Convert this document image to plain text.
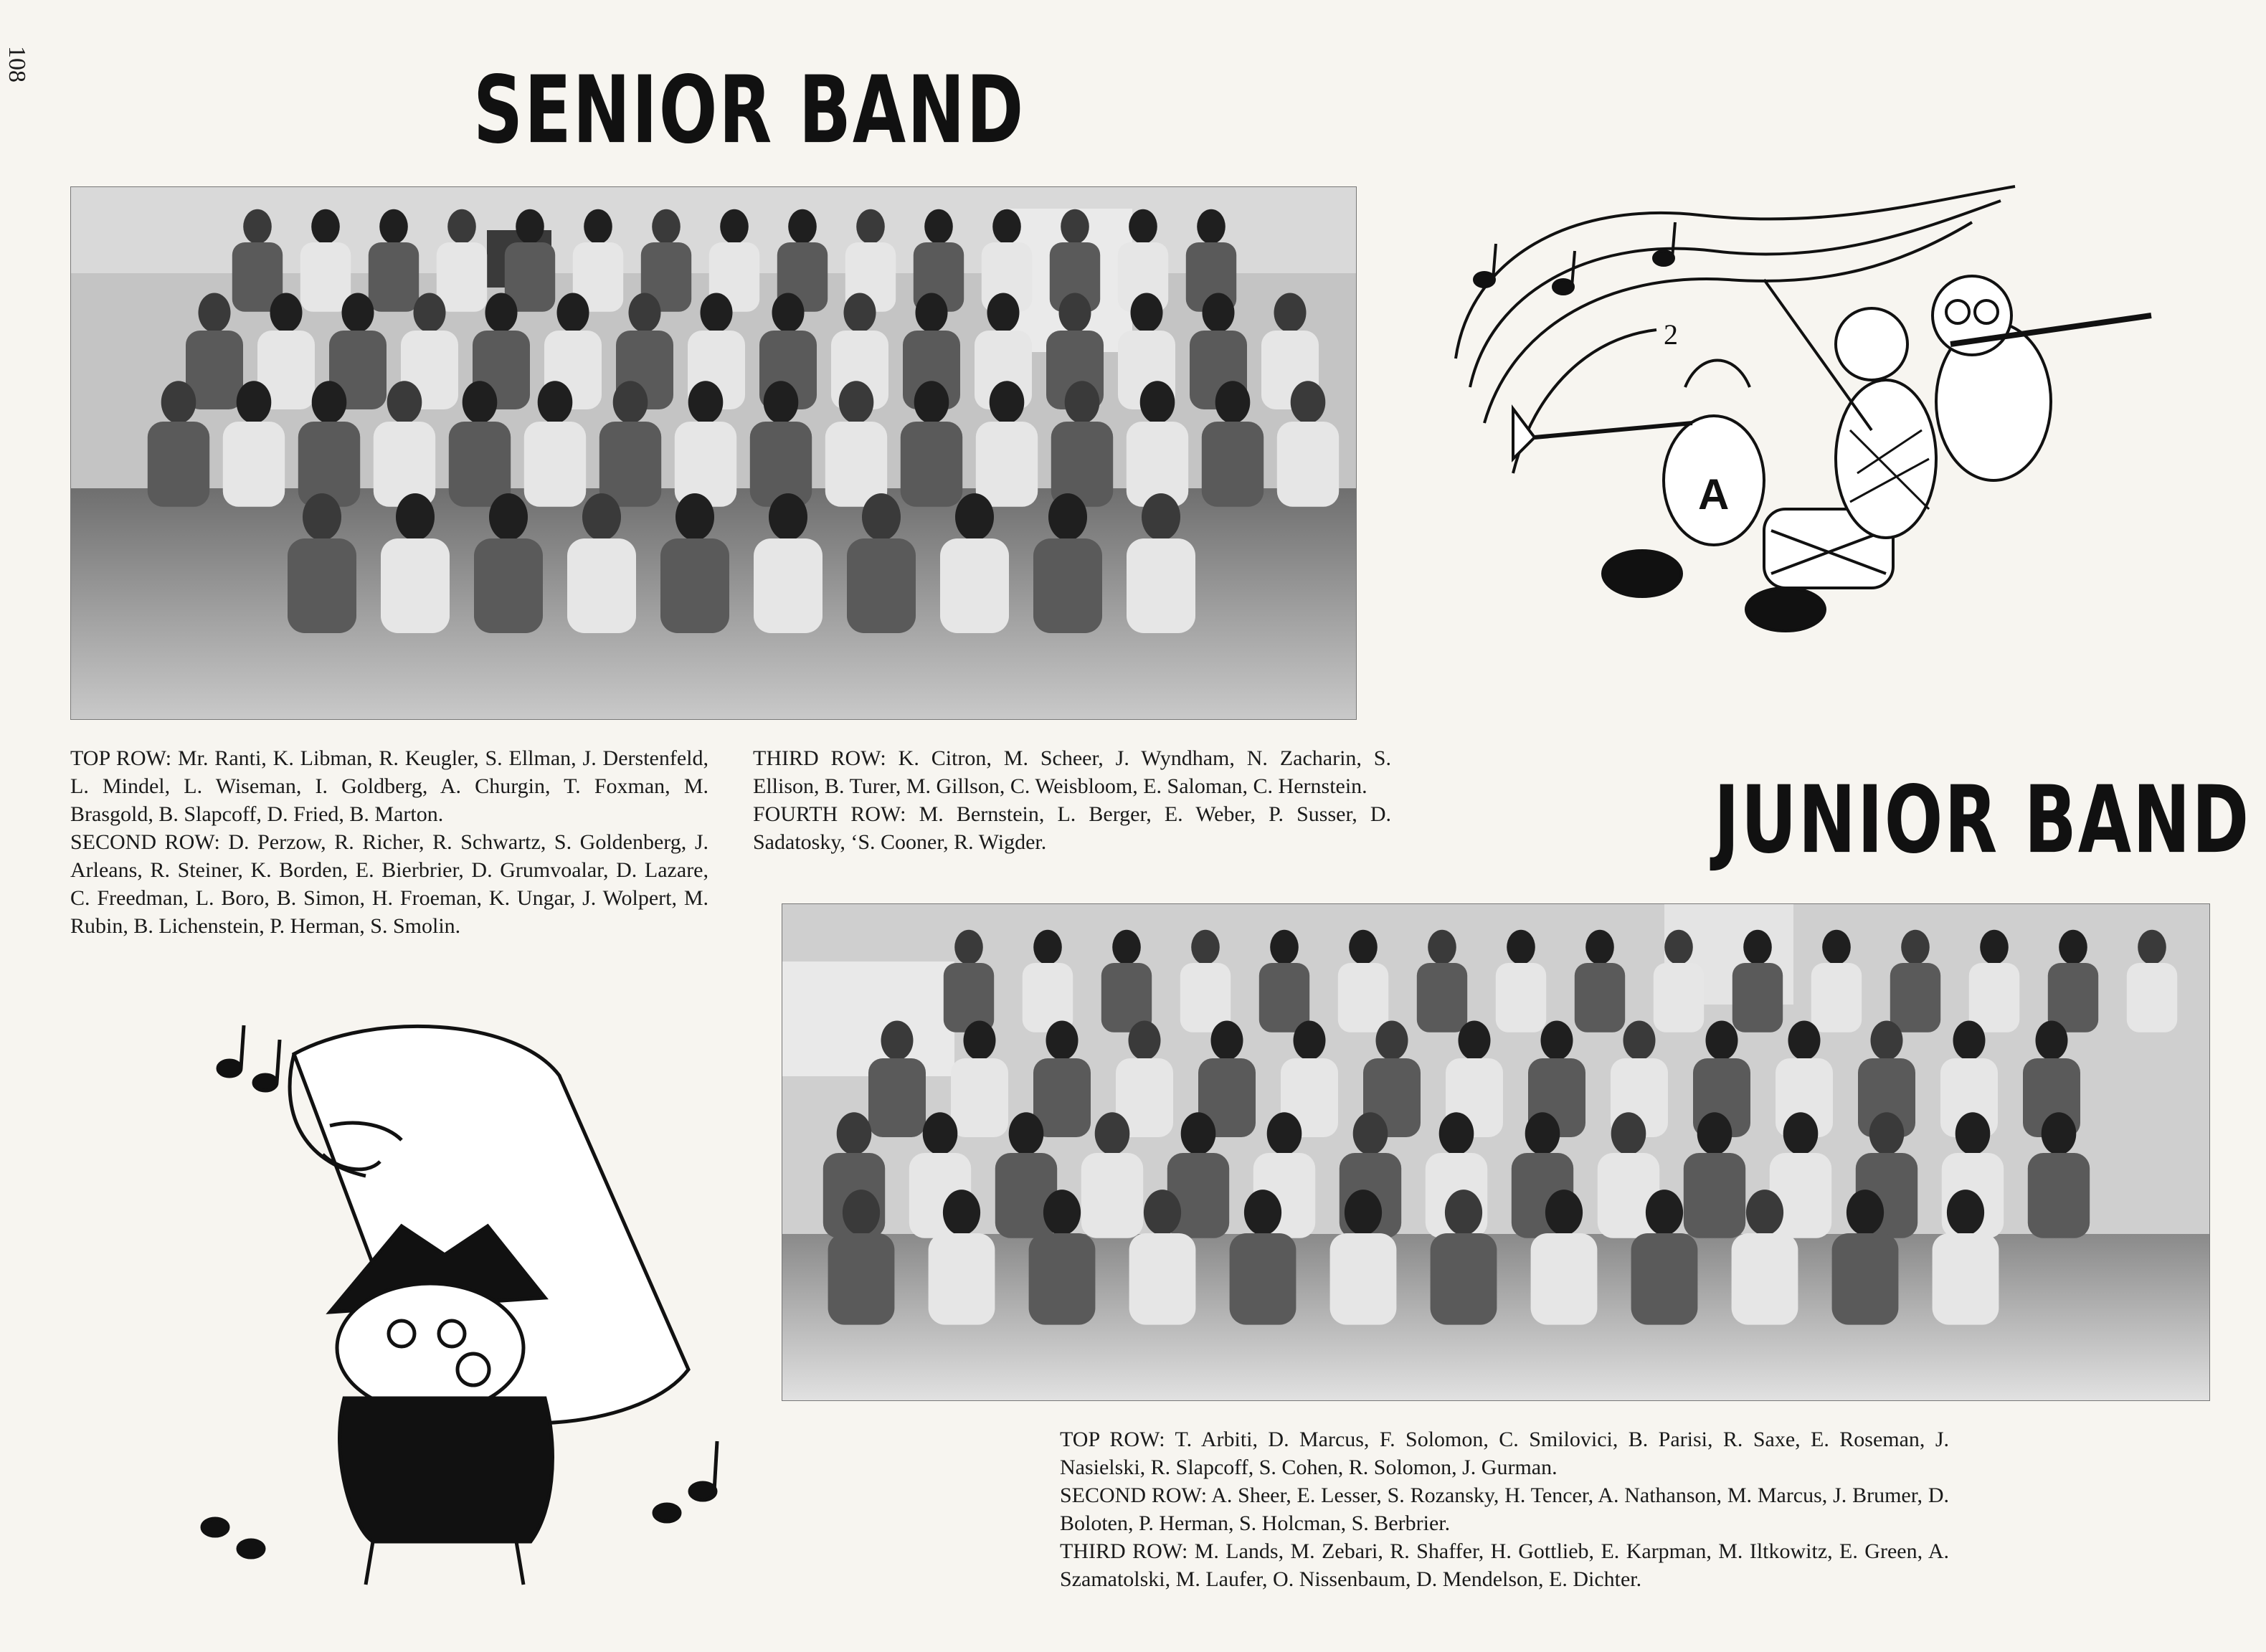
108	SENIOR BAND

TOP ROW: Mr. Ranti, K. Libman, R. Keugler, S. Ellman, J. Derstenfeld, L. Mindel, L. Wiseman, I. Goldberg, A. Churgin, T. Foxman, M. Brasgold, B. Slapcoff, D. Fried, B. Marton.

SECOND ROW: D. Perzow, R. Richer, R. Schwartz, S. Goldenberg, J. Arleans, R. Steiner, K. Borden, E. Bierbrier, D. Grumvoalar, D. Lazare, C. Freedman, L. Boro, B. Simon, H. Froeman, K. Ungar, J. Wolpert, M. Rubin, B. Lichenstein, P. Herman, S. Smolin.

THIRD ROW: K. Citron, M. Scheer, J. Wyndham, N. Zacharin, S. Ellison, B. Turer, M. Gillson, C. Weisbloom, E. Saloman, C. Hernstein.

FOURTH ROW: M. Bernstein, L. Berger, E. Weber, P. Susser, D. Sadatosky, ‘S. Cooner, R. Wigder.

2
A
JUNIOR BAND

TOP ROW: T. Arbiti, D. Marcus, F. Solomon, C. Smilovici, B. Parisi, R. Saxe, E. Roseman, J. Nasielski, R. Slapcoff, S. Cohen, R. Solomon, J. Gurman.

SECOND ROW: A. Sheer, E. Lesser, S. Rozansky, H. Tencer, A. Nathanson, M. Marcus, J. Brumer, D. Boloten, P. Herman, S. Holcman, S. Berbrier.

THIRD ROW: M. Lands, M. Zebari, R. Shaffer, H. Gottlieb, E. Karpman, M. Iltkowitz, E. Green, A. Szamatolski, M. Laufer, O. Nissenbaum, D. Mendelson, E. Dichter.
